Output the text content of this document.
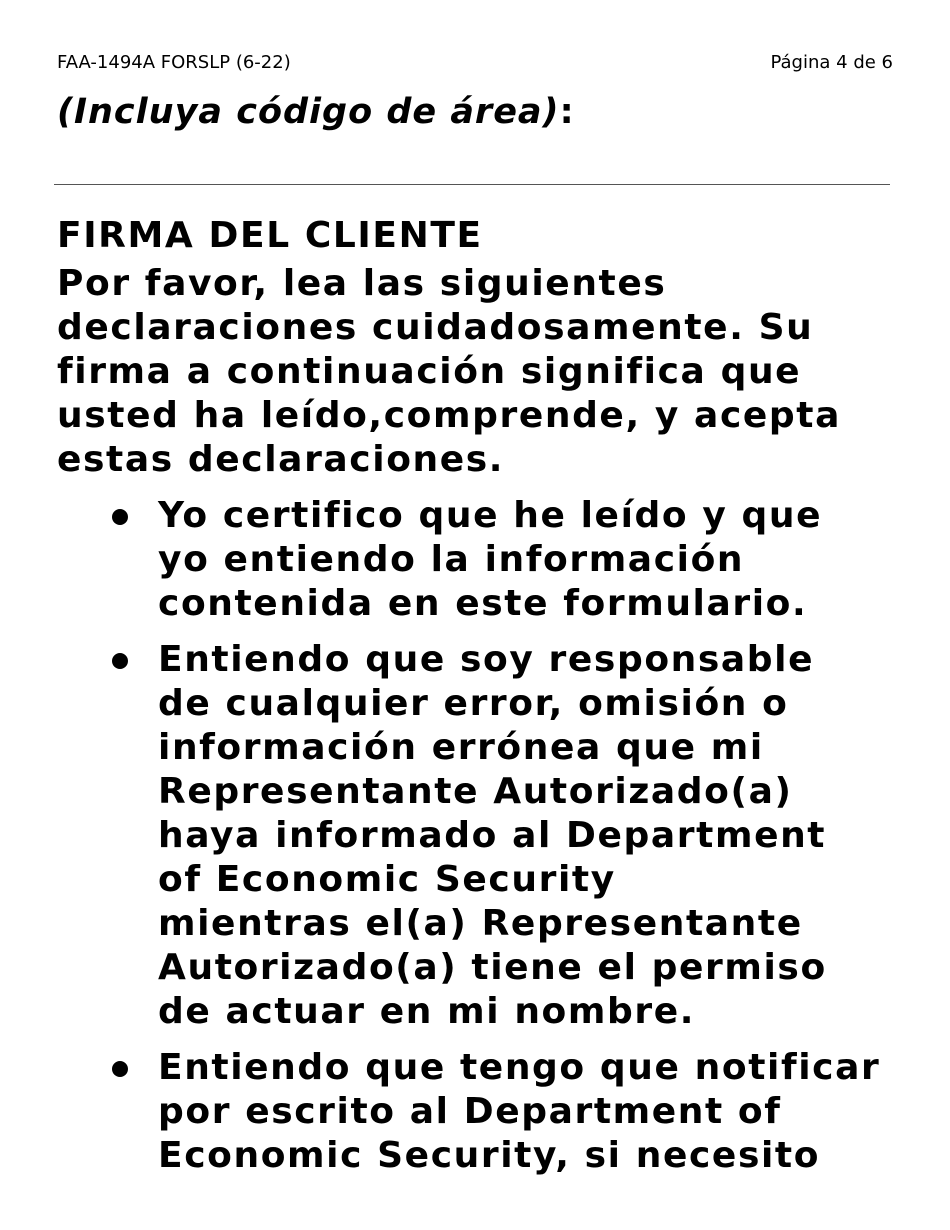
FAA-1494A FORSLP (6-22)	Página 4 de 6
(Incluya código de área):
FIRMA DEL CLIENTE

Por favor, lea las siguientes
declaraciones cuidadosamente. Su
firma a continuación significa que
usted ha leído,comprende, y acepta
estas declaraciones.

Yo certifico que he leído y que
yo entiendo la información
contenida en este formulario.
Entiendo que soy responsable
de cualquier error, omisión o
información errónea que mi
Representante Autorizado(a)
haya informado al Department
of Economic Security
mientras el(a) Representante
Autorizado(a) tiene el permiso
de actuar en mi nombre.
Entiendo que tengo que notificar
por escrito al Department of
Economic Security, si necesito
